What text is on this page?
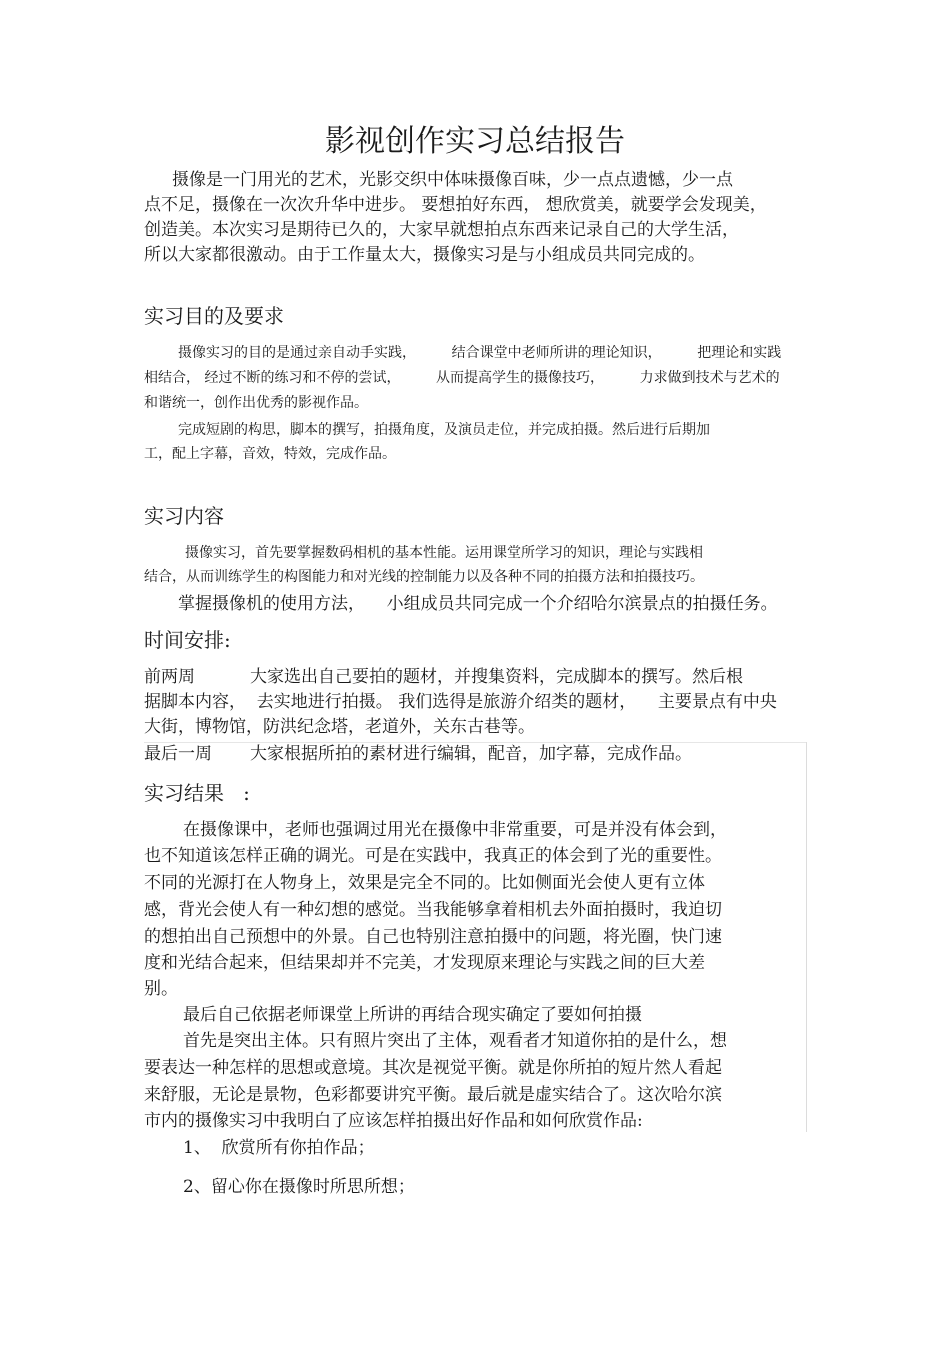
影视创作实习总结报告
摄像是一门用光的艺术，光影交织中体味摄像百味，少一点点遗憾，少一点
点不足，摄像在一次次升华中进步。 要想拍好东西， 想欣赏美，就要学会发现美，
创造美。本次实习是期待已久的，大家早就想拍点东西来记录自己的大学生活，
所以大家都很激动。由于工作量太大，摄像实习是与小组成员共同完成的。
实习目的及要求
摄像实习的目的是通过亲自动手实践，        结合课堂中老师所讲的理论知识，        把理论和实践
相结合， 经过不断的练习和不停的尝试，        从而提高学生的摄像技巧，        力求做到技术与艺术的
和谐统一，创作出优秀的影视作品。
完成短剧的构思，脚本的撰写，拍摄角度，及演员走位，并完成拍摄。然后进行后期加
工，配上字幕，音效，特效，完成作品。
实习内容
摄像实习，首先要掌握数码相机的基本性能。运用课堂所学习的知识，理论与实践相
结合，从而训练学生的构图能力和对光线的控制能力以及各种不同的拍摄方法和拍摄技巧。
掌握摄像机的使用方法，    小组成员共同完成一个介绍哈尔滨景点的拍摄任务。
时间安排:
前两周	大家选出自己要拍的题材，并搜集资料，完成脚本的撰写。然后根
据脚本内容，  去实地进行拍摄。 我们选得是旅游介绍类的题材，    主要景点有中央
大街，博物馆，防洪纪念塔，老道外，关东古巷等。
最后一周 大家根据所拍的素材进行编辑，配音，加字幕，完成作品。
实习结果   :
在摄像课中，老师也强调过用光在摄像中非常重要，可是并没有体会到，
也不知道该怎样正确的调光。可是在实践中，我真正的体会到了光的重要性。
不同的光源打在人物身上，效果是完全不同的。比如侧面光会使人更有立体
感，背光会使人有一种幻想的感觉。当我能够拿着相机去外面拍摄时，我迫切
的想拍出自己预想中的外景。自己也特别注意拍摄中的问题，将光圈，快门速
度和光结合起来，但结果却并不完美，才发现原来理论与实践之间的巨大差
别。
最后自己依据老师课堂上所讲的再结合现实确定了要如何拍摄
首先是突出主体。只有照片突出了主体，观看者才知道你拍的是什么，想
要表达一种怎样的思想或意境。其次是视觉平衡。就是你所拍的短片然人看起
来舒服，无论是景物，色彩都要讲究平衡。最后就是虚实结合了。这次哈尔滨
市内的摄像实习中我明白了应该怎样拍摄出好作品和如何欣赏作品:
1、  欣赏所有你拍作品；
2、留心你在摄像时所思所想；
